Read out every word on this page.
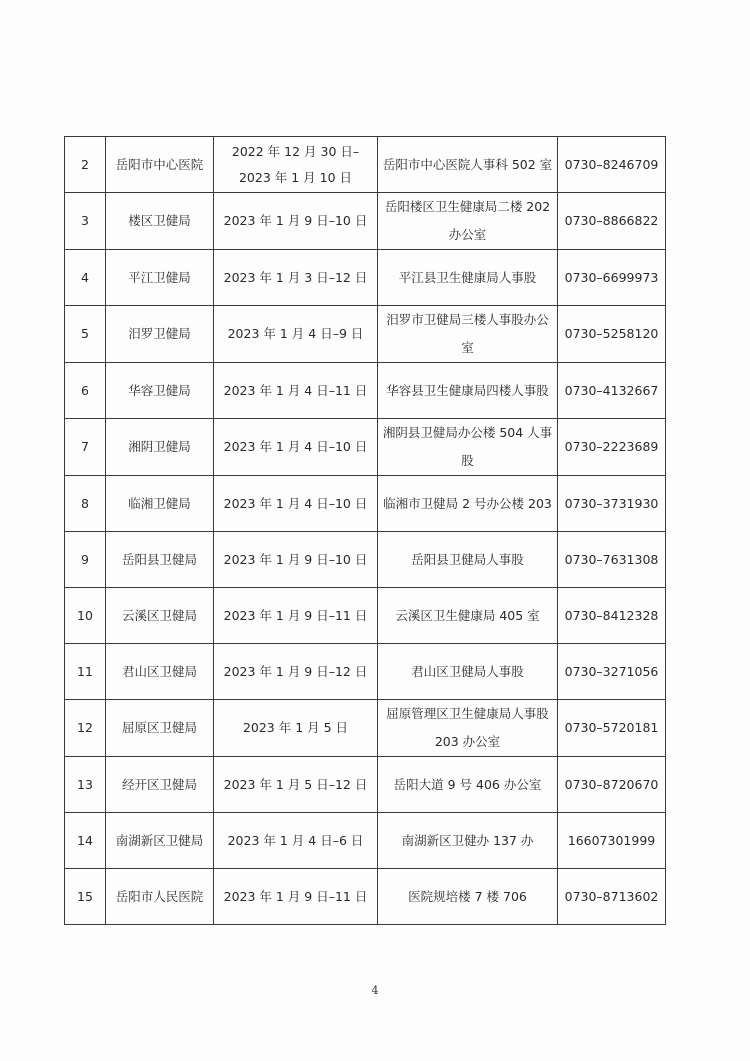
2	岳阳市中心医院	2022 年 12 月 30 日–2023 年 1 月 10 日	岳阳市中心医院人事科 502 室	0730–8246709
3	楼区卫健局	2023 年 1 月 9 日–10 日	岳阳楼区卫生健康局二楼 202 办公室	0730–8866822
4	平江卫健局	2023 年 1 月 3 日–12 日	平江县卫生健康局人事股	0730–6699973
5	汨罗卫健局	2023 年 1 月 4 日–9 日	汨罗市卫健局三楼人事股办公室	0730–5258120
6	华容卫健局	2023 年 1 月 4 日–11 日	华容县卫生健康局四楼人事股	0730–4132667
7	湘阴卫健局	2023 年 1 月 4 日–10 日	湘阴县卫健局办公楼 504 人事股	0730–2223689
8	临湘卫健局	2023 年 1 月 4 日–10 日	临湘市卫健局 2 号办公楼 203	0730–3731930
9	岳阳县卫健局	2023 年 1 月 9 日–10 日	岳阳县卫健局人事股	0730–7631308
10	云溪区卫健局	2023 年 1 月 9 日–11 日	云溪区卫生健康局 405 室	0730–8412328
11	君山区卫健局	2023 年 1 月 9 日–12 日	君山区卫健局人事股	0730–3271056
12	屈原区卫健局	2023 年 1 月 5 日	屈原管理区卫生健康局人事股 203 办公室	0730–5720181
13	经开区卫健局	2023 年 1 月 5 日–12 日	岳阳大道 9 号 406 办公室	0730–8720670
14	南湖新区卫健局	2023 年 1 月 4 日–6 日	南湖新区卫健办 137 办	16607301999
15	岳阳市人民医院	2023 年 1 月 9 日–11 日	医院规培楼 7 楼 706	0730–8713602
4
